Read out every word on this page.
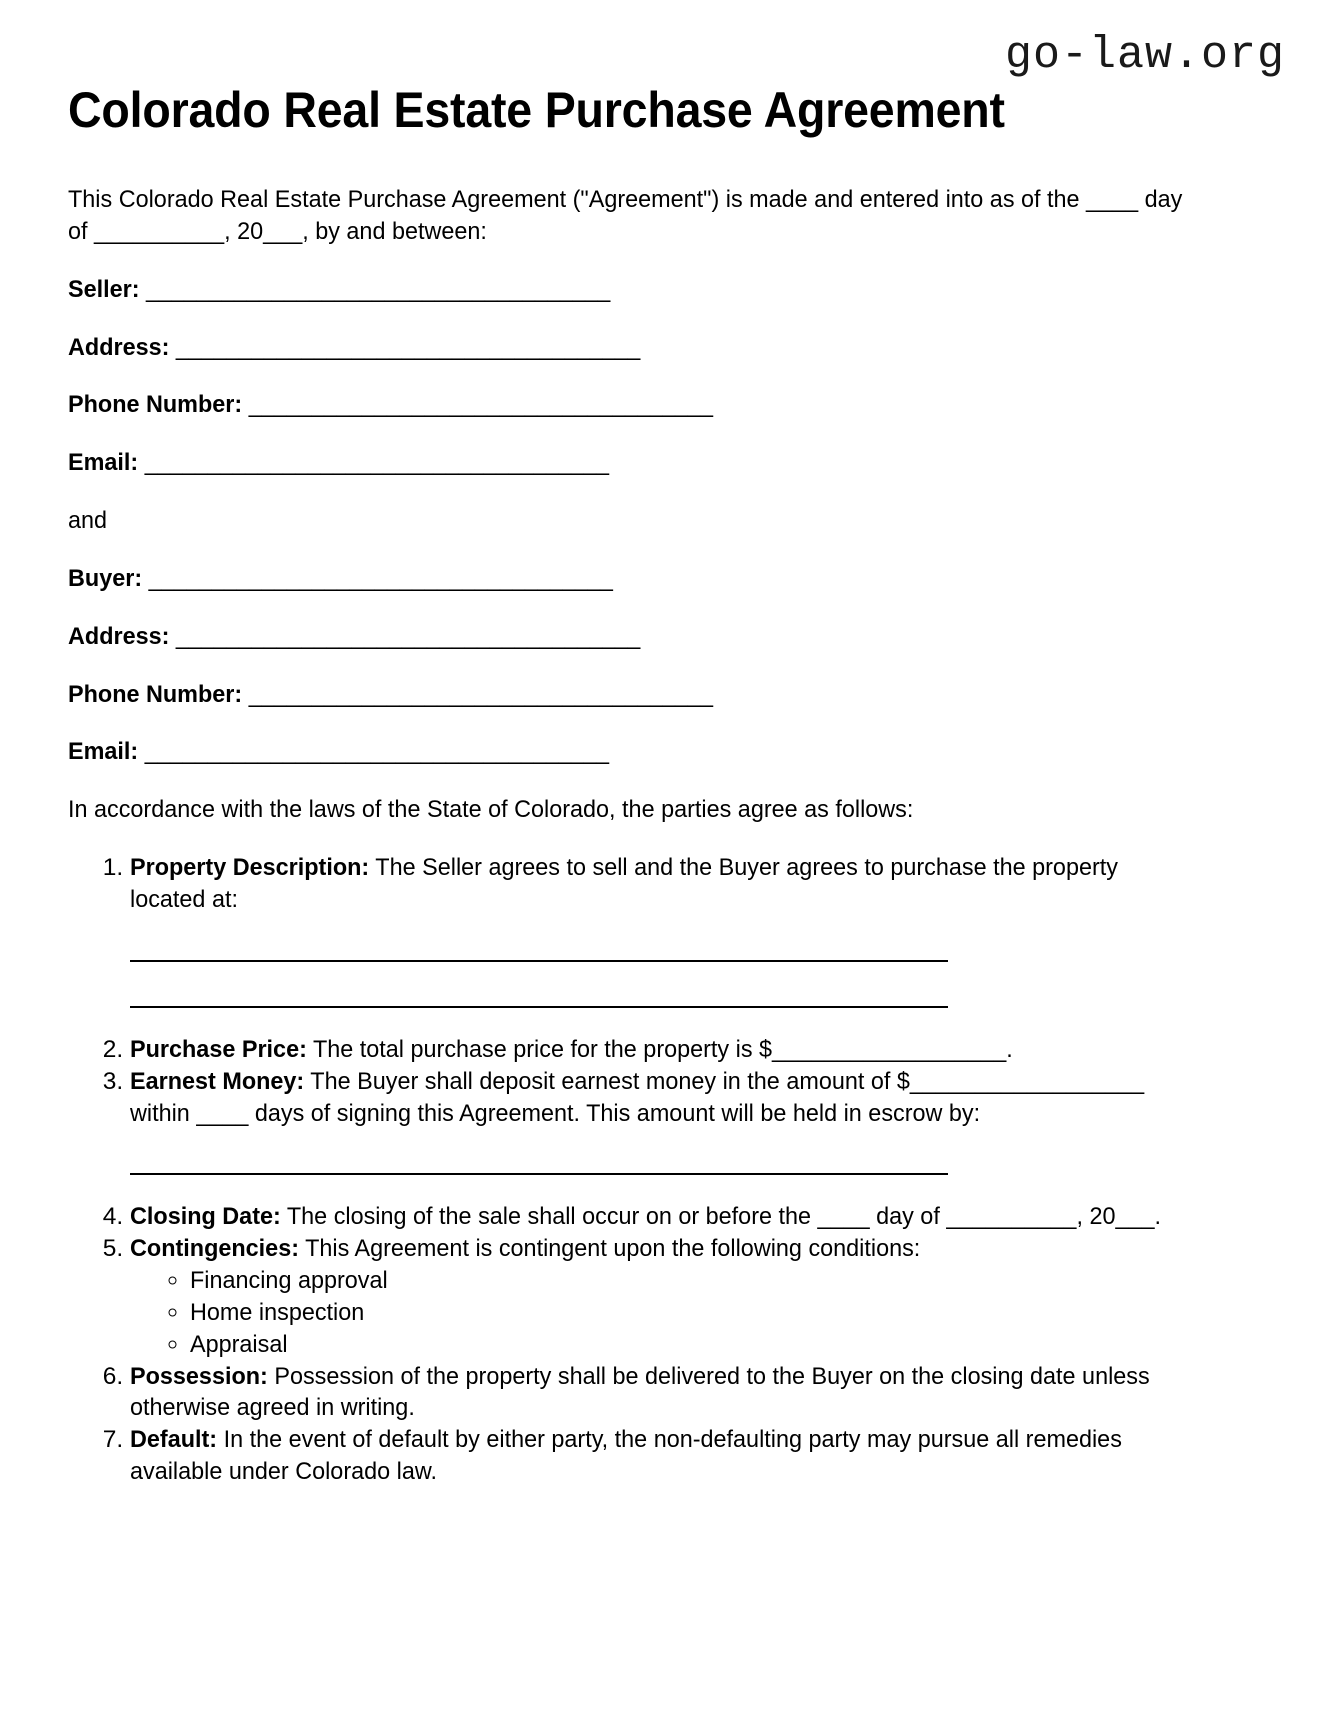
go-law.org
Colorado Real Estate Purchase Agreement

This Colorado Real Estate Purchase Agreement ("Agreement") is made and entered into as of the ____ day of __________, 20___, by and between:

Seller: _____________________________________
Address: _____________________________________
Phone Number: _____________________________________
Email: _____________________________________
and
Buyer: _____________________________________
Address: _____________________________________
Phone Number: _____________________________________
Email: _____________________________________

In accordance with the laws of the State of Colorado, the parties agree as follows:

1. Property Description: The Seller agrees to sell and the Buyer agrees to purchase the property located at:
2. Purchase Price: The total purchase price for the property is $__________________.
3. Earnest Money: The Buyer shall deposit earnest money in the amount of $__________________ within ____ days of signing this Agreement. This amount will be held in escrow by:
4. Closing Date: The closing of the sale shall occur on or before the ____ day of __________, 20___.
5. Contingencies: This Agreement is contingent upon the following conditions:
◦ Financing approval
◦ Home inspection
◦ Appraisal
6. Possession: Possession of the property shall be delivered to the Buyer on the closing date unless otherwise agreed in writing.
7. Default: In the event of default by either party, the non-defaulting party may pursue all remedies available under Colorado law.
